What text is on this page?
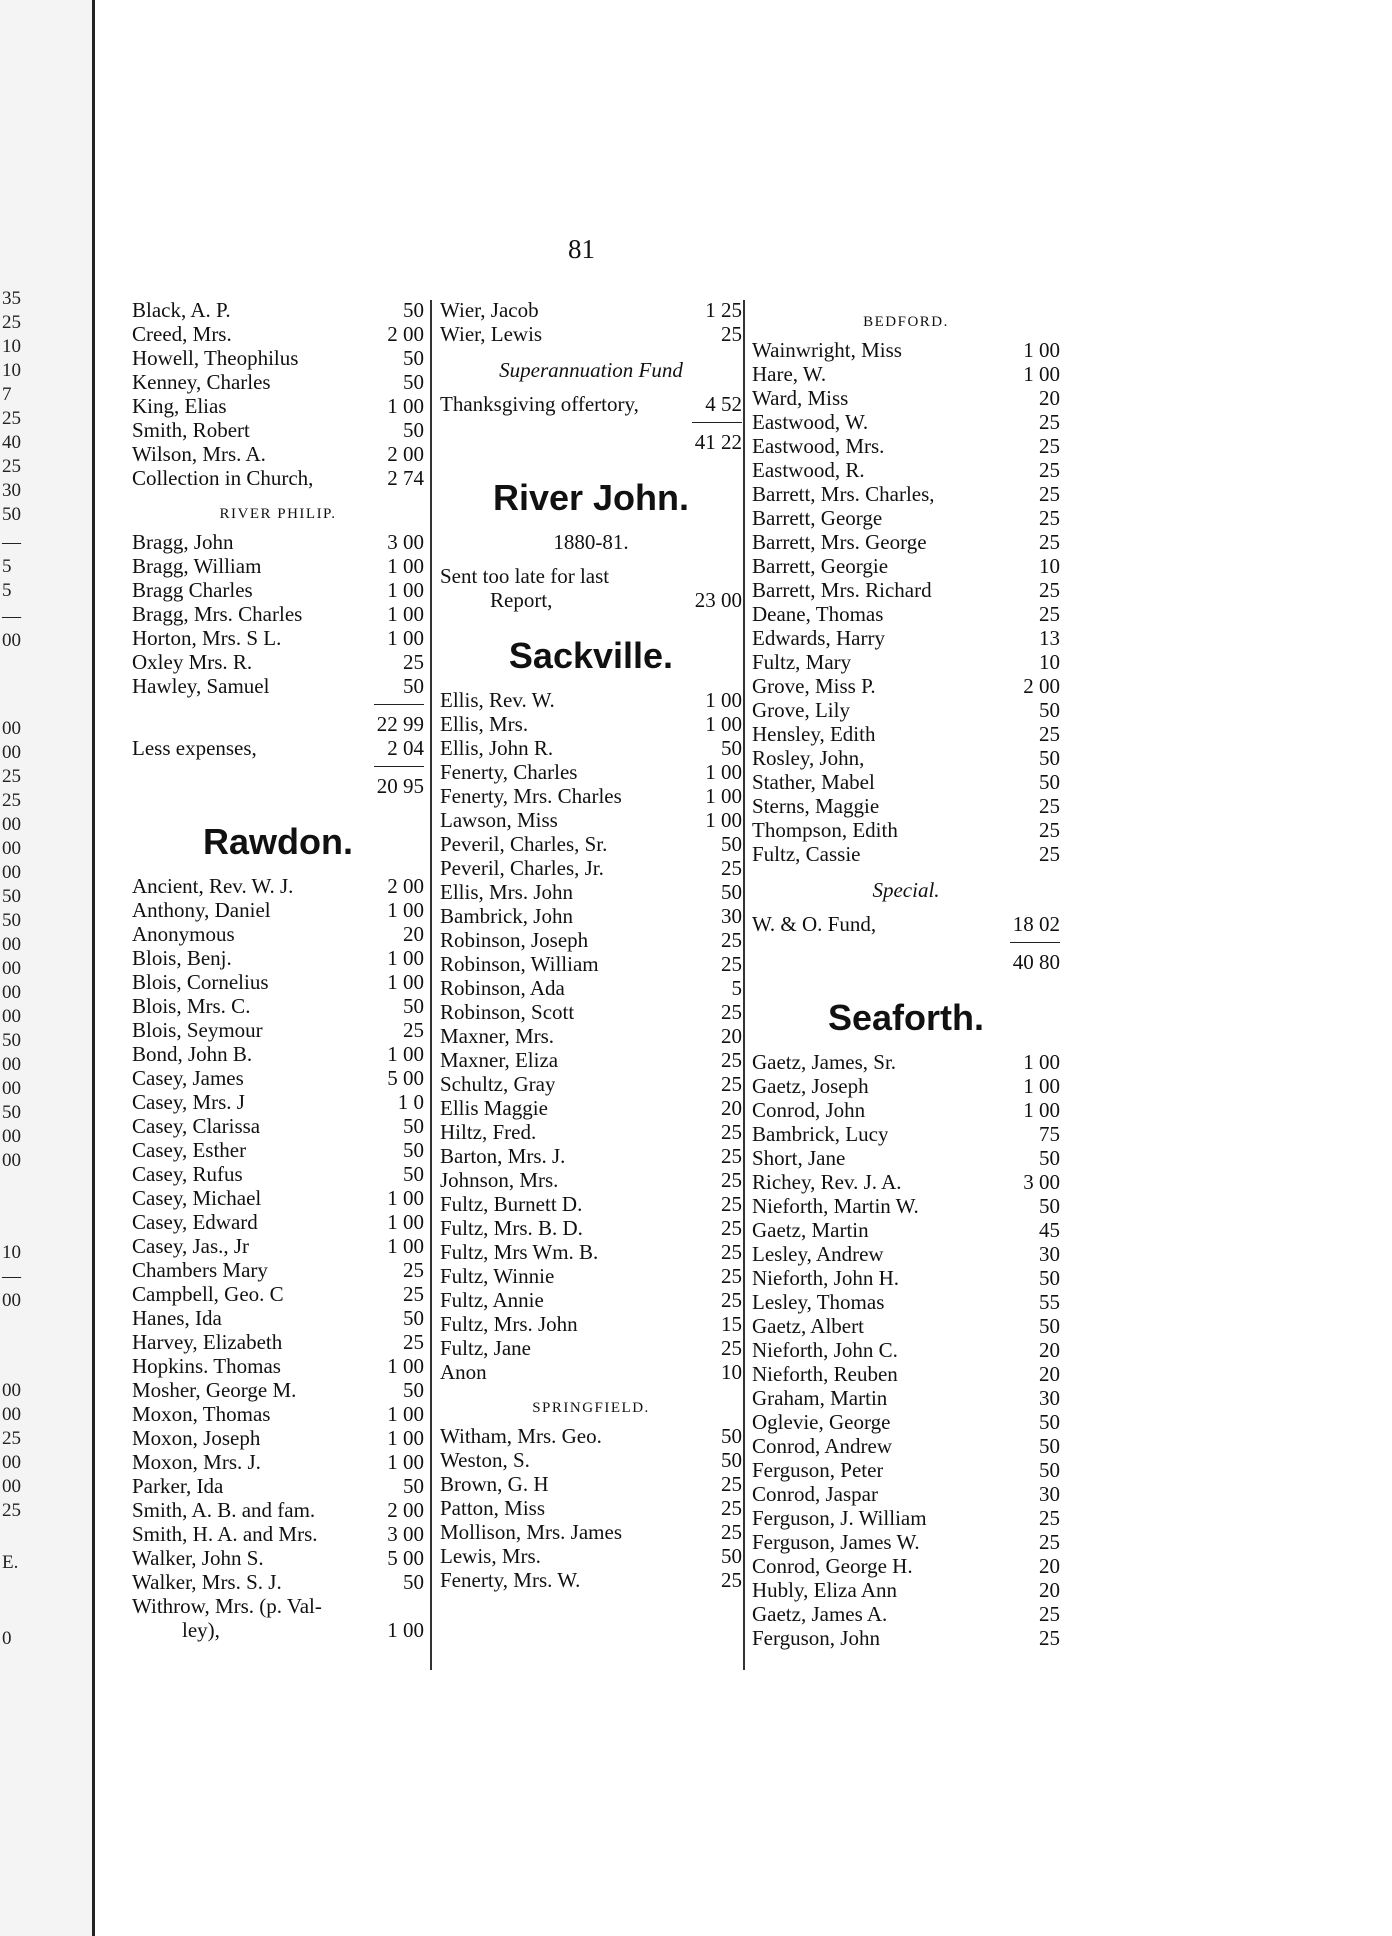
35
25
10
10
7
25
40
25
30
50
—
5
5
—
00
00
00
25
25
00
00
00
50
50
00
00
00
00
50
00
00
50
00
00
10
—
00
00
00
25
00
00
25
E.
0
81
Black, A. P.	50
Creed, Mrs.	2 00
Howell, Theophilus	50
Kenney, Charles	50
King, Elias	1 00
Smith, Robert	50
Wilson, Mrs. A.	2 00
Collection in Church,	2 74
RIVER PHILIP.
Bragg, John	3 00
Bragg, William	1 00
Bragg Charles	1 00
Bragg, Mrs. Charles	1 00
Horton, Mrs. S L.	1 00
Oxley Mrs. R.	25
Hawley, Samuel	50
22 99
Less expenses,	2 04
20 95
Rawdon.
Ancient, Rev. W. J.	2 00
Anthony, Daniel	1 00
Anonymous	20
Blois, Benj.	1 00
Blois, Cornelius	1 00
Blois, Mrs. C.	50
Blois, Seymour	25
Bond, John B.	1 00
Casey, James	5 00
Casey, Mrs. J	1 0
Casey, Clarissa	50
Casey, Esther	50
Casey, Rufus	50
Casey, Michael	1 00
Casey, Edward	1 00
Casey, Jas., Jr	1 00
Chambers Mary	25
Campbell, Geo. C	25
Hanes, Ida	50
Harvey, Elizabeth	25
Hopkins. Thomas	1 00
Mosher, George M.	50
Moxon, Thomas	1 00
Moxon, Joseph	1 00
Moxon, Mrs. J.	1 00
Parker, Ida	50
Smith, A. B. and fam.	2 00
Smith, H. A. and Mrs.	3 00
Walker, John S.	5 00
Walker, Mrs. S. J.	50
Withrow, Mrs. (p. Val-
ley),	1 00
Wier, Jacob	1 25
Wier, Lewis	25
Superannuation Fund
Thanksgiving offertory,	4 52
41 22
River John.
1880-81.
Sent too late for last
Report,	23 00
Sackville.
Ellis, Rev. W.	1 00
Ellis, Mrs.	1 00
Ellis, John R.	50
Fenerty, Charles	1 00
Fenerty, Mrs. Charles	1 00
Lawson, Miss	1 00
Peveril, Charles, Sr.	50
Peveril, Charles, Jr.	25
Ellis, Mrs. John	50
Bambrick, John	30
Robinson, Joseph	25
Robinson, William	25
Robinson, Ada	5
Robinson, Scott	25
Maxner, Mrs.	20
Maxner, Eliza	25
Schultz, Gray	25
Ellis Maggie	20
Hiltz, Fred.	25
Barton, Mrs. J.	25
Johnson, Mrs.	25
Fultz, Burnett D.	25
Fultz, Mrs. B. D.	25
Fultz, Mrs Wm. B.	25
Fultz, Winnie	25
Fultz, Annie	25
Fultz, Mrs. John	15
Fultz, Jane	25
Anon	10
SPRINGFIELD.
Witham, Mrs. Geo.	50
Weston, S.	50
Brown, G. H	25
Patton, Miss	25
Mollison, Mrs. James	25
Lewis, Mrs.	50
Fenerty, Mrs. W.	25
BEDFORD.
Wainwright, Miss	1 00
Hare, W.	1 00
Ward, Miss	20
Eastwood, W.	25
Eastwood, Mrs.	25
Eastwood, R.	25
Barrett, Mrs. Charles,	25
Barrett, George	25
Barrett, Mrs. George	25
Barrett, Georgie	10
Barrett, Mrs. Richard	25
Deane, Thomas	25
Edwards, Harry	13
Fultz, Mary	10
Grove, Miss P.	2 00
Grove, Lily	50
Hensley, Edith	25
Rosley, John,	50
Stather, Mabel	50
Sterns, Maggie	25
Thompson, Edith	25
Fultz, Cassie	25
Special.
W. & O. Fund,	18 02
40 80
Seaforth.
Gaetz, James, Sr.	1 00
Gaetz, Joseph	1 00
Conrod, John	1 00
Bambrick, Lucy	75
Short, Jane	50
Richey, Rev. J. A.	3 00
Nieforth, Martin W.	50
Gaetz, Martin	45
Lesley, Andrew	30
Nieforth, John H.	50
Lesley, Thomas	55
Gaetz, Albert	50
Nieforth, John C.	20
Nieforth, Reuben	20
Graham, Martin	30
Oglevie, George	50
Conrod, Andrew	50
Ferguson, Peter	50
Conrod, Jaspar	30
Ferguson, J. William	25
Ferguson, James W.	25
Conrod, George H.	20
Hubly, Eliza Ann	20
Gaetz, James A.	25
Ferguson, John	25
